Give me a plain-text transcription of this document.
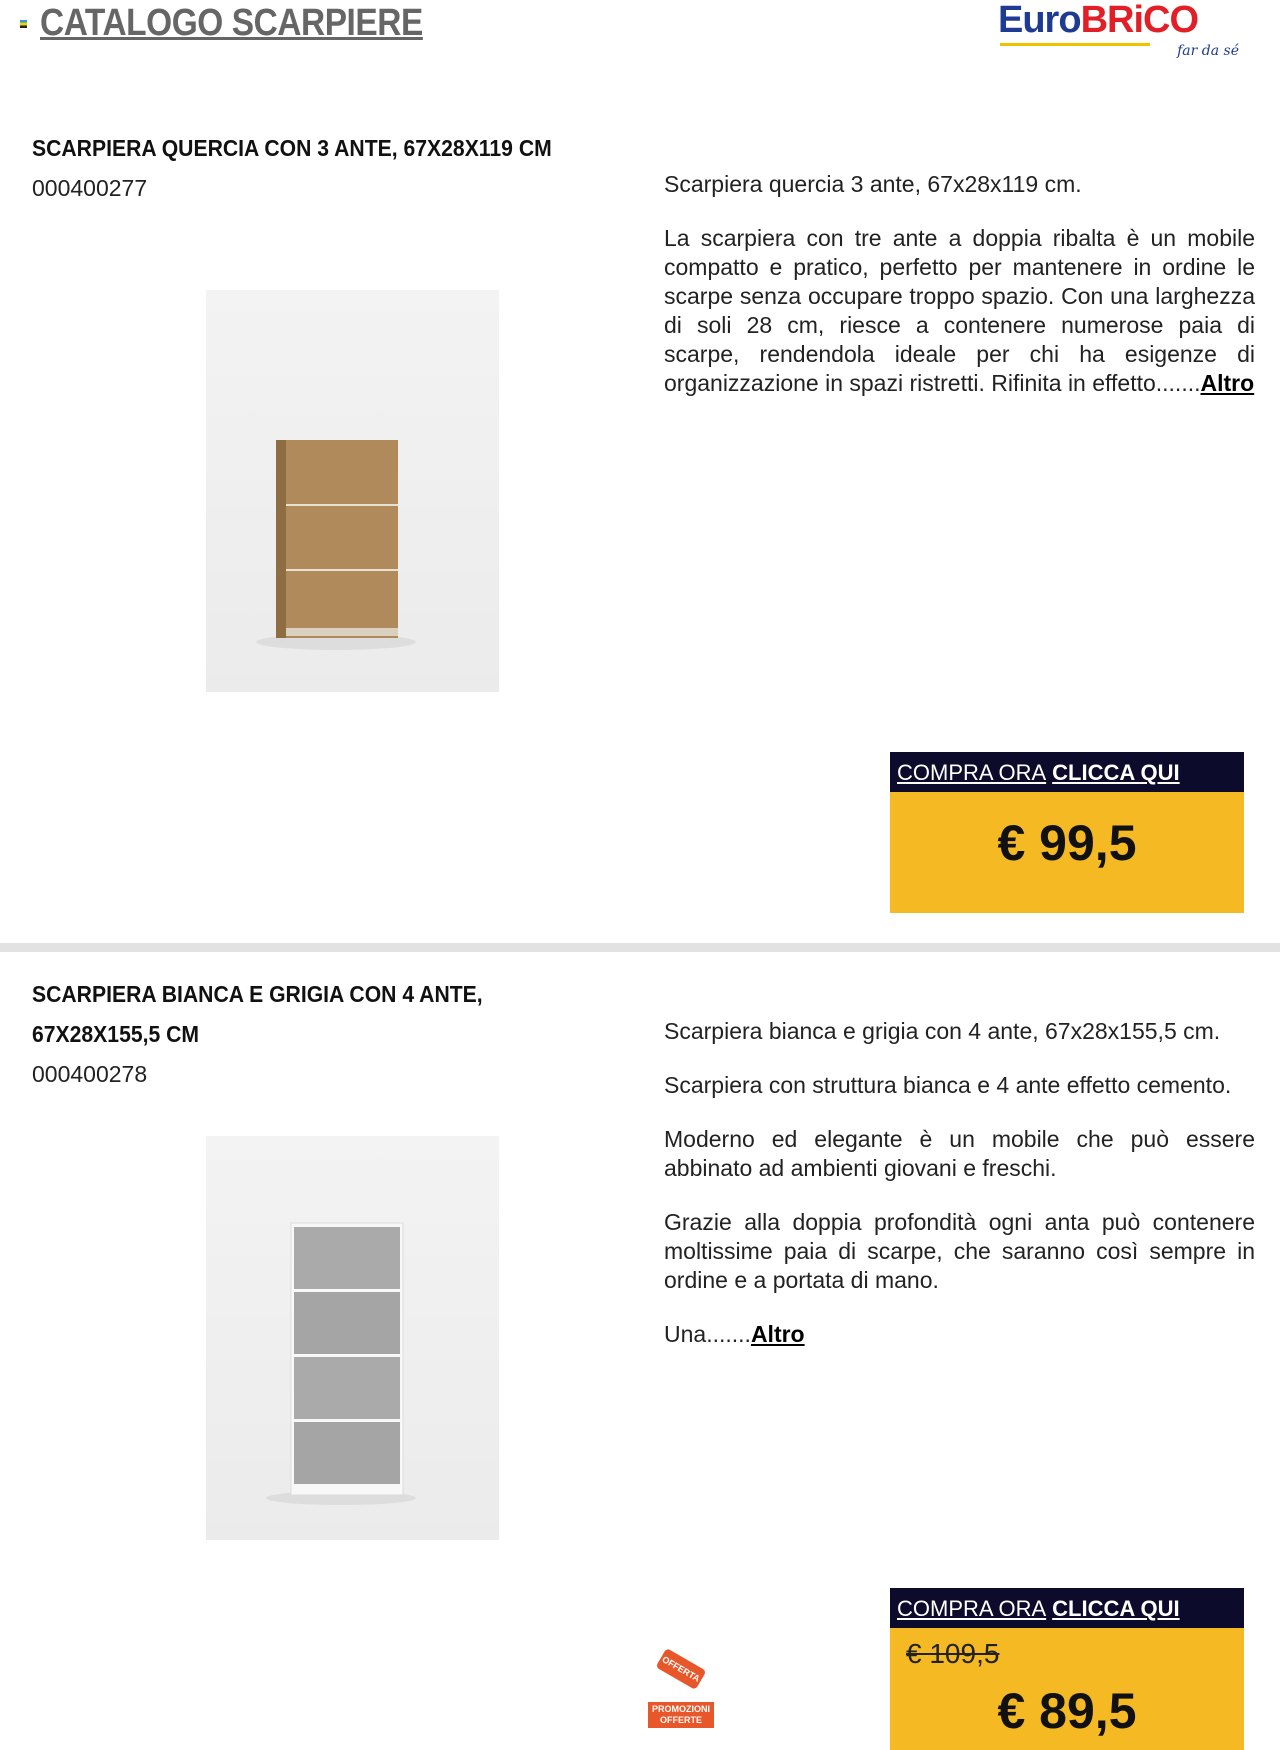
CATALOGO SCARPIERE	EuroBRiCO
far da sé
SCARPIERA QUERCIA CON 3 ANTE, 67X28X119 CM
000400277	Scarpiera quercia 3 ante, 67x28x119 cm.

La scarpiera con tre ante a doppia ribalta è un mobile compatto e pratico, perfetto per mantenere in ordine le scarpe senza occupare troppo spazio. Con una larghezza di soli 28 cm, riesce a contenere numerose paia di scarpe, rendendola ideale per chi ha esigenze di organizzazione in spazi ristretti. Rifinita in effetto.......Altro

COMPRA ORA CLICCA QUI
€ 99,5
SCARPIERA BIANCA E GRIGIA CON 4 ANTE,
67X28X155,5 CM
000400278

Scarpiera bianca e grigia con 4 ante, 67x28x155,5 cm.

Scarpiera con struttura bianca e 4 ante effetto cemento.

Moderno ed elegante è un mobile che può essere abbinato ad ambienti giovani e freschi.

Grazie alla doppia profondità ogni anta può contenere moltissime paia di scarpe, che saranno così sempre in ordine e a portata di mano.

Una.......Altro

OFFERTA
PROMOZIONI
OFFERTE
COMPRA ORA CLICCA QUI
€ 109,5
€ 89,5
